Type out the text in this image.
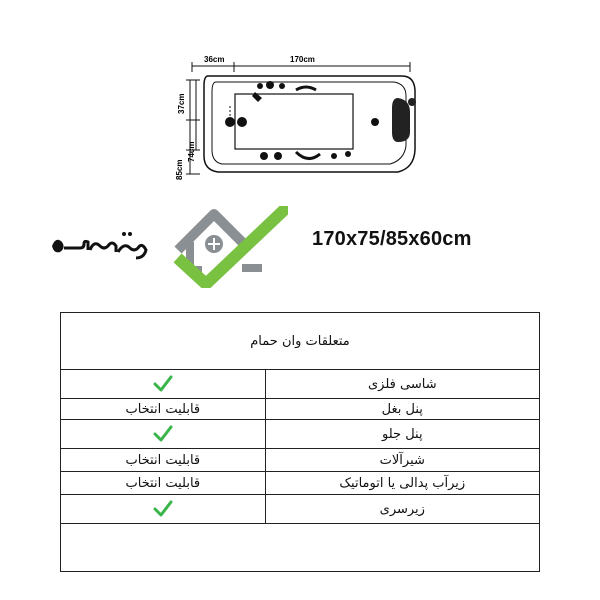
36cm	170cm
37cm
74cm
85cm
170x75/85x60cm
متعلقات وان حمام
شاسی فلزی
پنل بغل
قابلیت انتخاب
پنل جلو
شیرآلات
قابلیت انتخاب
زیرآب پدالی یا اتوماتیک
قابلیت انتخاب
زیرسری
